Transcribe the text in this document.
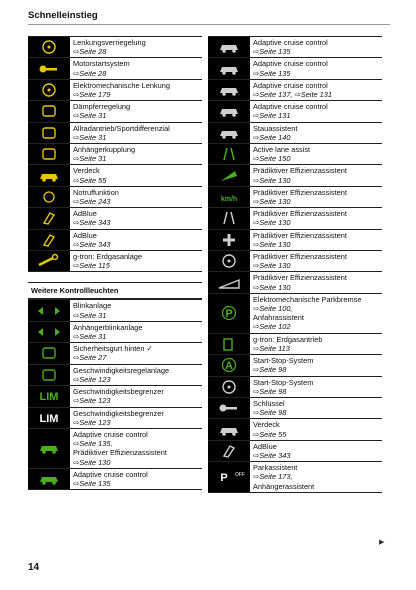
Schnelleinstieg
Lenkungsverriegelung
⇨Seite 28
Motorstartsystem
⇨Seite 28
Elektromechanische Lenkung
⇨Seite 179
Dämpferregelung
⇨Seite 31
Allradantrieb/Sportdifferenzial
⇨Seite 31
Anhängerkupplung
⇨Seite 31
Verdeck
⇨Seite 55
Notruffunktion
⇨Seite 243
AdBlue
⇨Seite 343
AdBlue
⇨Seite 343
g-tron: Erdgasanlage
⇨Seite 115
Weitere Kontrollleuchten
Blinkanlage
⇨Seite 31
Anhängerblinkanlage
⇨Seite 31
Sicherheitsgurt hinten ✓
⇨Seite 27
Geschwindigkeitsregelanlage
⇨Seite 123
LIM Geschwindigkeitsbegrenzer
⇨Seite 123
LIM Geschwindigkeitsbegrenzer
⇨Seite 123
Adaptive cruise control
⇨Seite 135,
Prädiktiver Effizienzassistent
⇨Seite 130
Adaptive cruise control
⇨Seite 135
Adaptive cruise control
⇨Seite 135
Adaptive cruise control
⇨Seite 135
Adaptive cruise control
⇨Seite 137, ⇨Seite 131
Adaptive cruise control
⇨Seite 131
Stauassistent
⇨Seite 140
Active lane assist
⇨Seite 150
Prädiktiver Effizienzassistent
⇨Seite 130
km/h
Prädiktiver Effizienzassistent
⇨Seite 130
Prädiktiver Effizienzassistent
⇨Seite 130
Prädiktiver Effizienzassistent
⇨Seite 130
Prädiktiver Effizienzassistent
⇨Seite 130
Prädiktiver Effizienzassistent
⇨Seite 130
P
Elektromechanische Parkbremse
⇨Seite 100,
Anfahrassistent
⇨Seite 102
g-tron: Erdgasantrieb
⇨Seite 113
A	Start-Stop-System
⇨Seite 98
Start-Stop-System
⇨Seite 98
Schlüssel
⇨Seite 98
Verdeck
⇨Seite 55
AdBlue
⇨Seite 343
P OFF
Parkassistent
⇨Seite 173,
Anhängerassistent
▶
14
